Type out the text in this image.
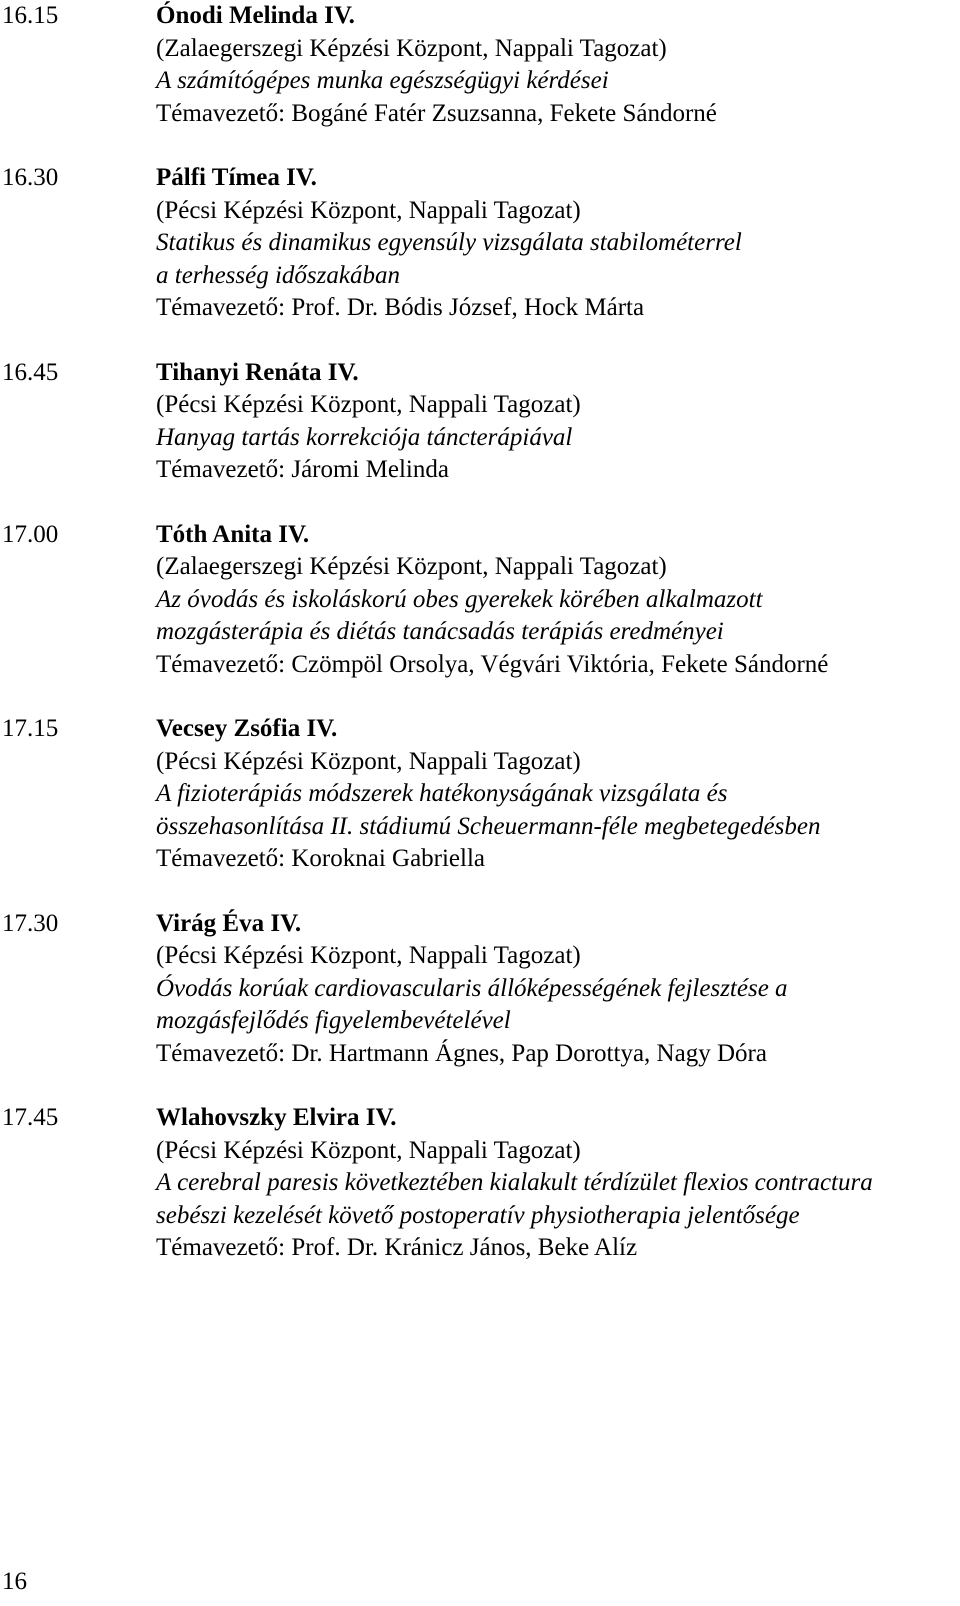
16.15	Ónodi Melinda IV.
(Zalaegerszegi Képzési Központ, Nappali Tagozat)
A számítógépes munka egészségügyi kérdései
Témavezető: Bogáné Fatér Zsuzsanna, Fekete Sándorné
16.30	Pálfi Tímea IV.
(Pécsi Képzési Központ, Nappali Tagozat)
Statikus és dinamikus egyensúly vizsgálata stabilométerrel
a terhesség időszakában
Témavezető: Prof. Dr. Bódis József, Hock Márta
16.45	Tihanyi Renáta IV.
(Pécsi Képzési Központ, Nappali Tagozat)
Hanyag tartás korrekciója táncterápiával
Témavezető: Járomi Melinda
17.00	Tóth Anita IV.
(Zalaegerszegi Képzési Központ, Nappali Tagozat)
Az óvodás és iskoláskorú obes gyerekek körében alkalmazott
mozgásterápia és diétás tanácsadás terápiás eredményei
Témavezető: Czömpöl Orsolya, Végvári Viktória, Fekete Sándorné
17.15	Vecsey Zsófia IV.
(Pécsi Képzési Központ, Nappali Tagozat)
A fizioterápiás módszerek hatékonyságának vizsgálata és
összehasonlítása II. stádiumú Scheuermann-féle megbetegedésben
Témavezető: Koroknai Gabriella
17.30	Virág Éva IV.
(Pécsi Képzési Központ, Nappali Tagozat)
Óvodás korúak cardiovascularis állóképességének fejlesztése a
mozgásfejlődés figyelembevételével
Témavezető: Dr. Hartmann Ágnes, Pap Dorottya, Nagy Dóra
17.45	Wlahovszky Elvira IV.
(Pécsi Képzési Központ, Nappali Tagozat)
A cerebral paresis következtében kialakult térdízület flexios contractura
sebészi kezelését követő postoperatív physiotherapia jelentősége
Témavezető: Prof. Dr. Kránicz János, Beke Alíz
16
